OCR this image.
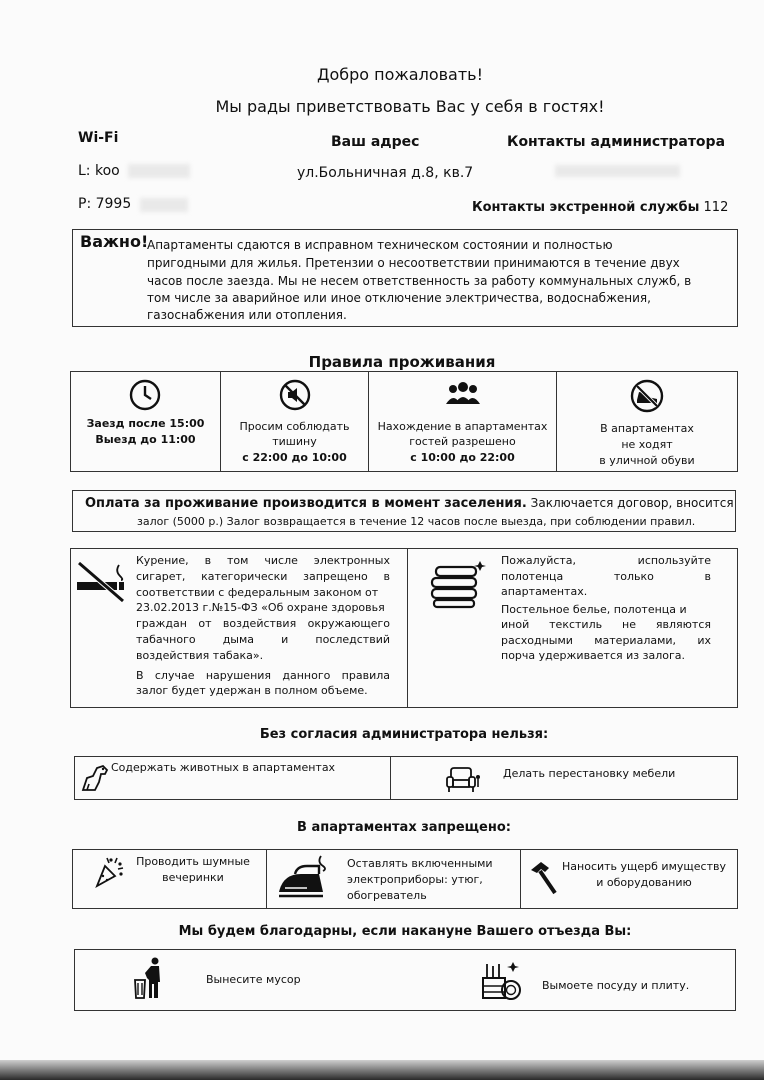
Добро пожаловать!
Мы рады приветствовать Вас у себя в гостях!
Wi-Fi
L: koo
P: 7995
Ваш адрес
ул.Больничная д.8, кв.7
Контакты администратора
Контакты экстренной службы 112
Важно!
Апартаменты сдаются в исправном техническом состоянии и полностью
пригодными для жилья. Претензии о несоответствии принимаются в течение двух
часов после заезда. Мы не несем ответственность за работу коммунальных служб, в
том числе за аварийное или иное отключение электричества, водоснабжения,
газоснабжения или отопления.
Правила проживания
Заезд после 15:00
Выезд до 11:00
Просим соблюдать
тишину
с 22:00 до 10:00
Нахождение в апартаментах
гостей разрешено
с 10:00 до 22:00
В апартаментах
не ходят
в уличной обуви
Оплата за проживание производится в момент заселения. Заключается договор, вносится
залог (5000 р.) Залог возвращается в течение 12 часов после выезда, при соблюдении правил.

Курение, в том числе электронных

сигарет, категорически запрещено в

соответствии с федеральным законом от

23.02.2013 г.№15-ФЗ «Об охране здоровья

граждан от воздействия окружающего

табачного дыма и последствий

воздействия табака».

В случае нарушения данного правила

залог будет удержан в полном объеме.

Пожалуйста, используйте

полотенца только в

апартаментах.

Постельное белье, полотенца и

иной текстиль не являются

расходными материалами, их

порча удерживается из залога.

Без согласия администратора нельзя:
Содержать животных в апартаментах	Делать перестановку мебели
В апартаментах запрещено:
Проводить шумные
вечеринки
Оставлять включенными
электроприборы: утюг,
обогреватель
Наносить ущерб имуществу
и оборудованию
Мы будем благодарны, если накануне Вашего отъезда Вы:
Вынесите мусор	Вымоете посуду и плиту.
